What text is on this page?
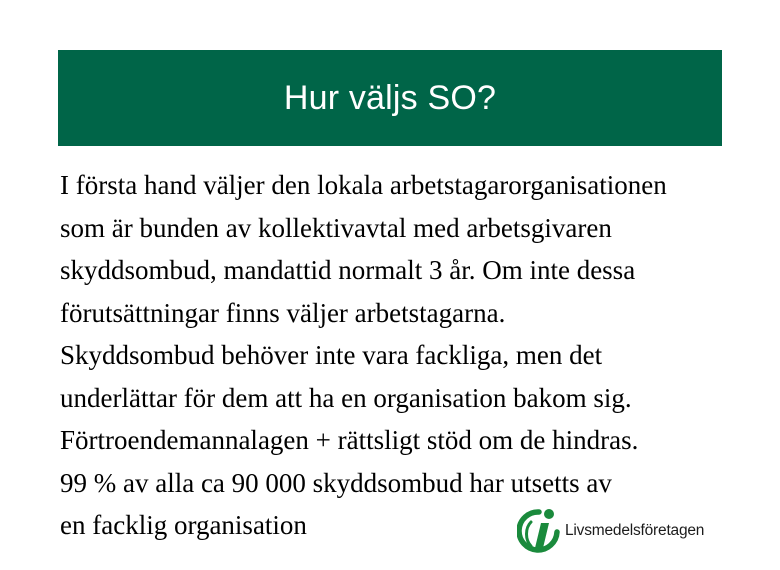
Hur väljs SO?
I första hand väljer den lokala arbetstagarorganisationen
som är bunden av kollektivavtal med arbetsgivaren
skyddsombud, mandattid normalt 3 år. Om inte dessa
förutsättningar finns väljer arbetstagarna.
Skyddsombud behöver inte vara fackliga, men det
underlättar för dem att ha en organisation bakom sig.
Förtroendemannalagen + rättsligt stöd om de hindras.
99 % av alla ca 90 000 skyddsombud har utsetts av
en facklig organisation	Livsmedelsföretagen
